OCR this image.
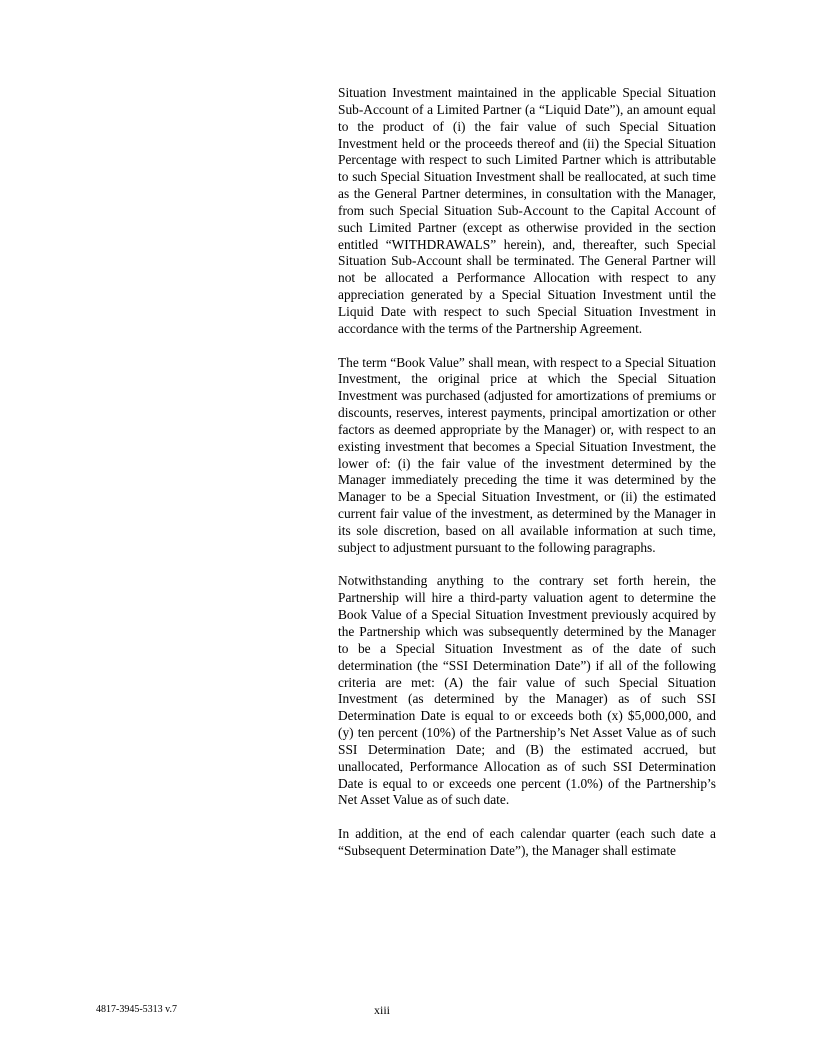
Situation Investment maintained in the applicable Special Situation Sub-Account of a Limited Partner (a “Liquid Date”), an amount equal to the product of (i) the fair value of such Special Situation Investment held or the proceeds thereof and (ii) the Special Situation Percentage with respect to such Limited Partner which is attributable to such Special Situation Investment shall be reallocated, at such time as the General Partner determines, in consultation with the Manager, from such Special Situation Sub-Account to the Capital Account of such Limited Partner (except as otherwise provided in the section entitled “WITHDRAWALS” herein), and, thereafter, such Special Situation Sub-Account shall be terminated. The General Partner will not be allocated a Performance Allocation with respect to any appreciation generated by a Special Situation Investment until the Liquid Date with respect to such Special Situation Investment in accordance with the terms of the Partnership Agreement.

The term “Book Value” shall mean, with respect to a Special Situation Investment, the original price at which the Special Situation Investment was purchased (adjusted for amortizations of premiums or discounts, reserves, interest payments, principal amortization or other factors as deemed appropriate by the Manager) or, with respect to an existing investment that becomes a Special Situation Investment, the lower of: (i) the fair value of the investment determined by the Manager immediately preceding the time it was determined by the Manager to be a Special Situation Investment, or (ii) the estimated current fair value of the investment, as determined by the Manager in its sole discretion, based on all available information at such time, subject to adjustment pursuant to the following paragraphs.

Notwithstanding anything to the contrary set forth herein, the Partnership will hire a third-party valuation agent to determine the Book Value of a Special Situation Investment previously acquired by the Partnership which was subsequently determined by the Manager to be a Special Situation Investment as of the date of such determination (the “SSI Determination Date”) if all of the following criteria are met: (A) the fair value of such Special Situation Investment (as determined by the Manager) as of such SSI Determination Date is equal to or exceeds both (x) $5,000,000, and (y) ten percent (10%) of the Partnership’s Net Asset Value as of such SSI Determination Date; and (B) the estimated accrued, but unallocated, Performance Allocation as of such SSI Determination Date is equal to or exceeds one percent (1.0%) of the Partnership’s Net Asset Value as of such date.

In addition, at the end of each calendar quarter (each such date a “Subsequent Determination Date”), the Manager shall estimate

4817-3945-5313 v.7	xiii
